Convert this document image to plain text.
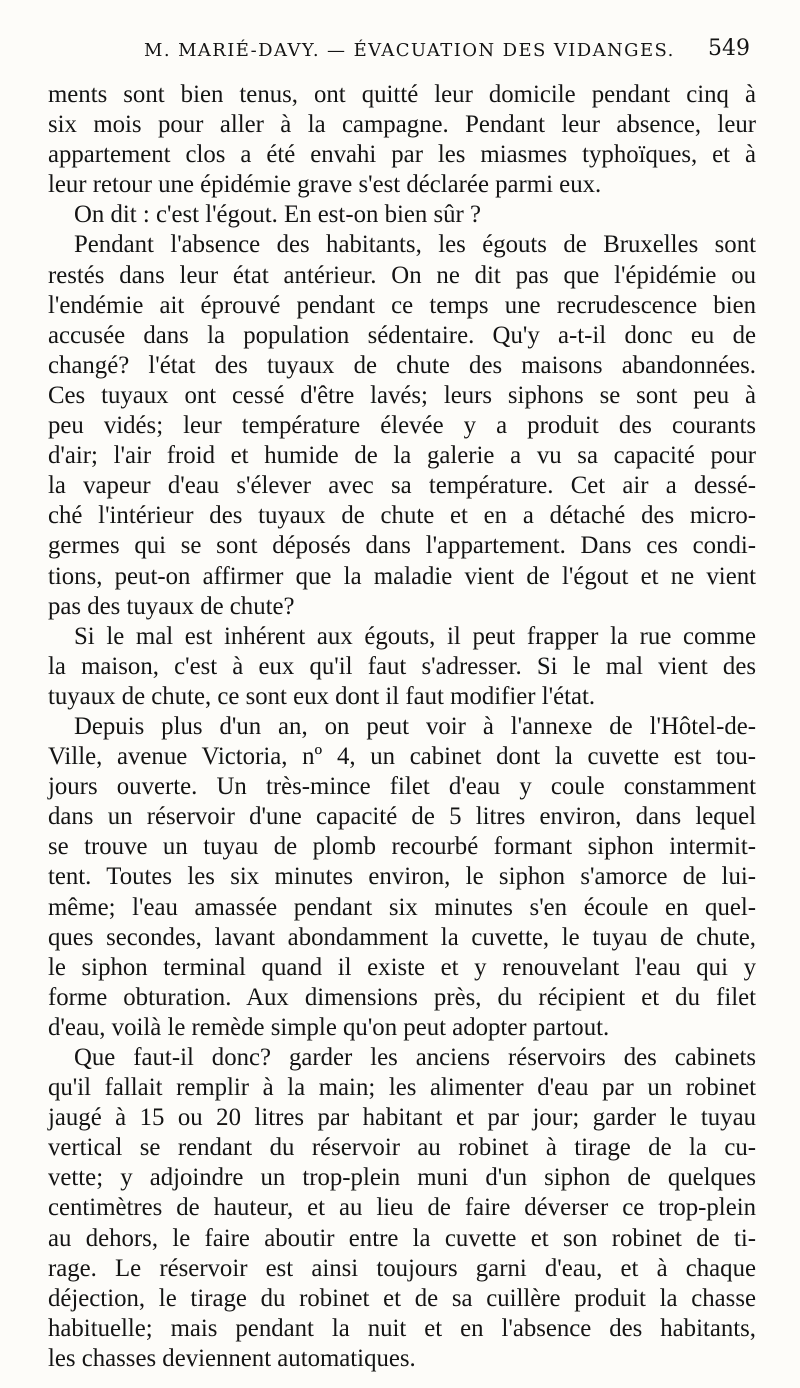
M. MARIÉ-DAVY. — ÉVACUATION DES VIDANGES. 549
ments sont bien tenus, ont quitté leur domicile pendant cinq à
six mois pour aller à la campagne. Pendant leur absence, leur
appartement clos a été envahi par les miasmes typhoïques, et à
leur retour une épidémie grave s'est déclarée parmi eux.
On dit : c'est l'égout. En est-on bien sûr ?
Pendant l'absence des habitants, les égouts de Bruxelles sont
restés dans leur état antérieur. On ne dit pas que l'épidémie ou
l'endémie ait éprouvé pendant ce temps une recrudescence bien
accusée dans la population sédentaire. Qu'y a-t-il donc eu de
changé? l'état des tuyaux de chute des maisons abandonnées.
Ces tuyaux ont cessé d'être lavés; leurs siphons se sont peu à
peu vidés; leur température élevée y a produit des courants
d'air; l'air froid et humide de la galerie a vu sa capacité pour
la vapeur d'eau s'élever avec sa température. Cet air a dessé-
ché l'intérieur des tuyaux de chute et en a détaché des micro-
germes qui se sont déposés dans l'appartement. Dans ces condi-
tions, peut-on affirmer que la maladie vient de l'égout et ne vient
pas des tuyaux de chute?
Si le mal est inhérent aux égouts, il peut frapper la rue comme
la maison, c'est à eux qu'il faut s'adresser. Si le mal vient des
tuyaux de chute, ce sont eux dont il faut modifier l'état.
Depuis plus d'un an, on peut voir à l'annexe de l'Hôtel-de-
Ville, avenue Victoria, nº 4, un cabinet dont la cuvette est tou-
jours ouverte. Un très-mince filet d'eau y coule constamment
dans un réservoir d'une capacité de 5 litres environ, dans lequel
se trouve un tuyau de plomb recourbé formant siphon intermit-
tent. Toutes les six minutes environ, le siphon s'amorce de lui-
même; l'eau amassée pendant six minutes s'en écoule en quel-
ques secondes, lavant abondamment la cuvette, le tuyau de chute,
le siphon terminal quand il existe et y renouvelant l'eau qui y
forme obturation. Aux dimensions près, du récipient et du filet
d'eau, voilà le remède simple qu'on peut adopter partout.
Que faut-il donc? garder les anciens réservoirs des cabinets
qu'il fallait remplir à la main; les alimenter d'eau par un robinet
jaugé à 15 ou 20 litres par habitant et par jour; garder le tuyau
vertical se rendant du réservoir au robinet à tirage de la cu-
vette; y adjoindre un trop-plein muni d'un siphon de quelques
centimètres de hauteur, et au lieu de faire déverser ce trop-plein
au dehors, le faire aboutir entre la cuvette et son robinet de ti-
rage. Le réservoir est ainsi toujours garni d'eau, et à chaque
déjection, le tirage du robinet et de sa cuillère produit la chasse
habituelle; mais pendant la nuit et en l'absence des habitants,
les chasses deviennent automatiques.
